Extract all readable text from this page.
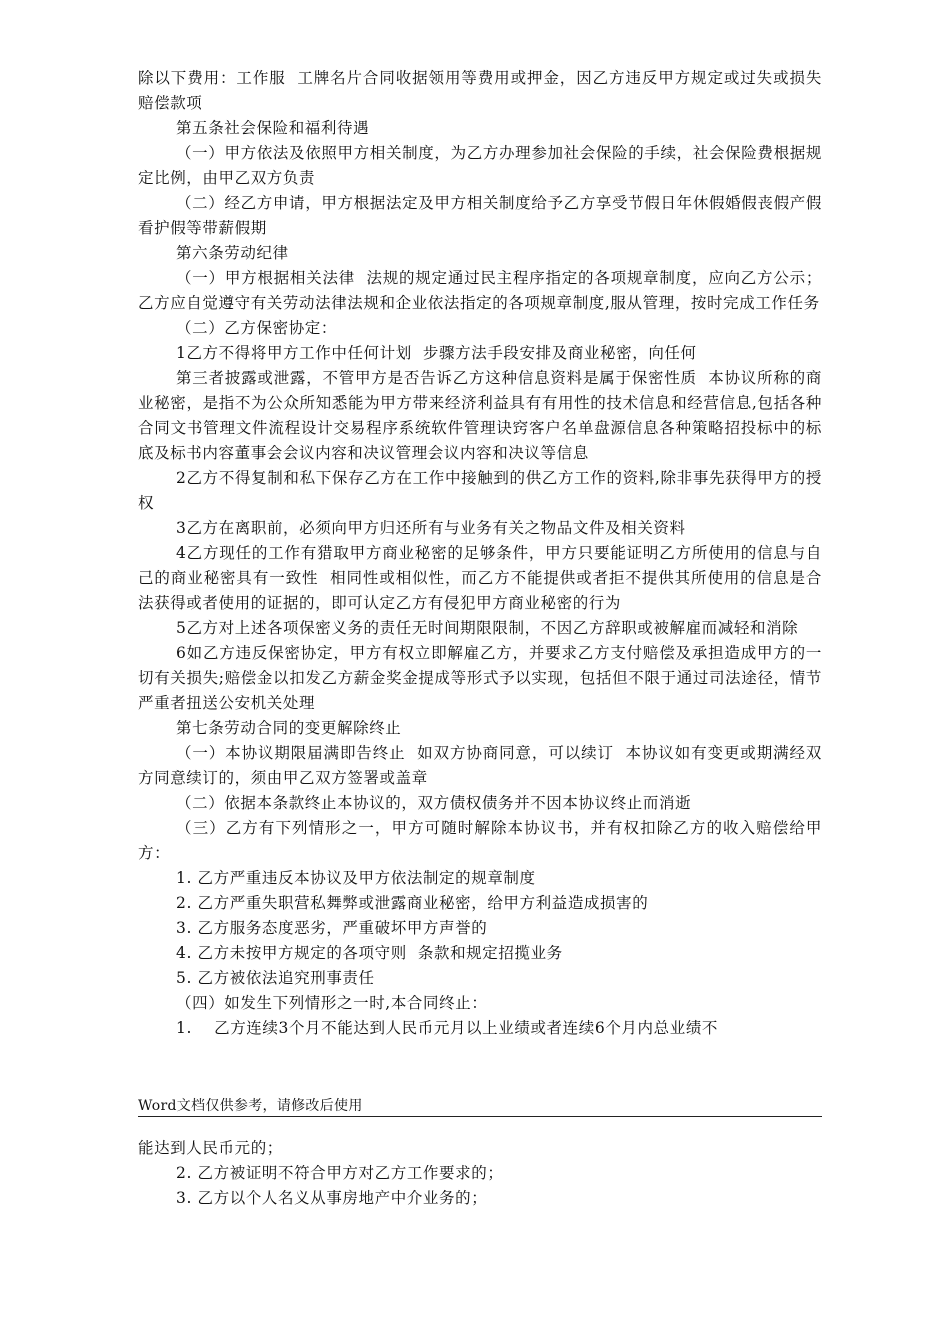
除以下费用：工作服  工牌名片合同收据领用等费用或押金，因乙方违反甲方规定或过失或损失赔偿款项

第五条社会保险和福利待遇

（一）甲方依法及依照甲方相关制度，为乙方办理参加社会保险的手续，社会保险费根据规定比例，由甲乙双方负责

（二）经乙方申请，甲方根据法定及甲方相关制度给予乙方享受节假日年休假婚假丧假产假看护假等带薪假期

第六条劳动纪律

（一）甲方根据相关法律  法规的规定通过民主程序指定的各项规章制度，应向乙方公示；乙方应自觉遵守有关劳动法律法规和企业依法指定的各项规章制度,服从管理，按时完成工作任务

（二）乙方保密协定：

1乙方不得将甲方工作中任何计划  步骤方法手段安排及商业秘密，向任何

第三者披露或泄露，不管甲方是否告诉乙方这种信息资料是属于保密性质  本协议所称的商业秘密，是指不为公众所知悉能为甲方带来经济利益具有有用性的技术信息和经营信息,包括各种合同文书管理文件流程设计交易程序系统软件管理诀窍客户名单盘源信息各种策略招投标中的标底及标书内容董事会会议内容和决议管理会议内容和决议等信息

2乙方不得复制和私下保存乙方在工作中接触到的供乙方工作的资料,除非事先获得甲方的授权

3乙方在离职前，必须向甲方归还所有与业务有关之物品文件及相关资料

4乙方现任的工作有猎取甲方商业秘密的足够条件，甲方只要能证明乙方所使用的信息与自己的商业秘密具有一致性  相同性或相似性，而乙方不能提供或者拒不提供其所使用的信息是合法获得或者使用的证据的，即可认定乙方有侵犯甲方商业秘密的行为

5乙方对上述各项保密义务的责任无时间期限限制，不因乙方辞职或被解雇而减轻和消除

6如乙方违反保密协定，甲方有权立即解雇乙方，并要求乙方支付赔偿及承担造成甲方的一切有关损失;赔偿金以扣发乙方薪金奖金提成等形式予以实现，包括但不限于通过司法途径，情节严重者扭送公安机关处理

第七条劳动合同的变更解除终止

（一）本协议期限届满即告终止  如双方协商同意，可以续订  本协议如有变更或期满经双方同意续订的，须由甲乙双方签署或盖章

（二）依据本条款终止本协议的，双方债权债务并不因本协议终止而消逝

（三）乙方有下列情形之一，甲方可随时解除本协议书，并有权扣除乙方的收入赔偿给甲方：

1. 乙方严重违反本协议及甲方依法制定的规章制度

2. 乙方严重失职营私舞弊或泄露商业秘密，给甲方利益造成损害的

3. 乙方服务态度恶劣，严重破坏甲方声誉的

4. 乙方未按甲方规定的各项守则  条款和规定招揽业务

5. 乙方被依法追究刑事责任

（四）如发生下列情形之一时,本合同终止：

1.    乙方连续3个月不能达到人民币元月以上业绩或者连续6个月内总业绩不

Word文档仅供参考，请修改后使用

能达到人民币元的；

2. 乙方被证明不符合甲方对乙方工作要求的；

3. 乙方以个人名义从事房地产中介业务的；
